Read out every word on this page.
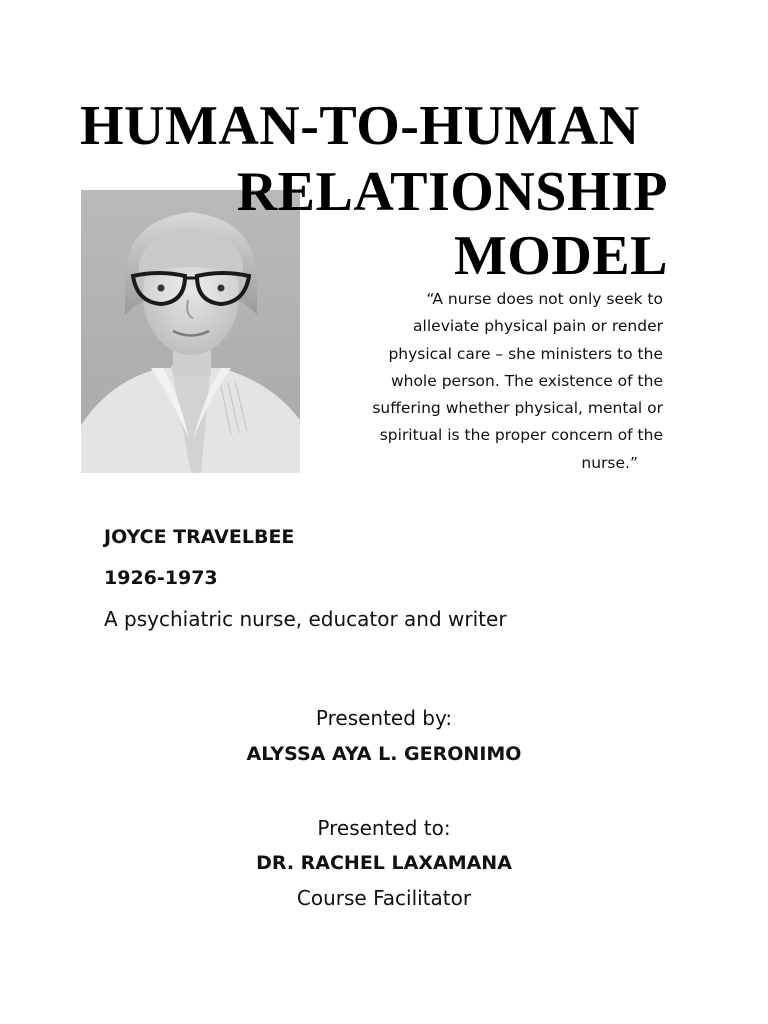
HUMAN-TO-HUMAN
RELATIONSHIP
MODEL
“A nurse does not only seek to
alleviate physical pain or render
physical care – she ministers to the
whole person. The existence of the
suffering whether physical, mental or
spiritual is the proper concern of the
nurse.”
JOYCE TRAVELBEE
1926-1973
A psychiatric nurse, educator and writer
Presented by:
ALYSSA AYA L. GERONIMO
Presented to:
DR. RACHEL LAXAMANA
Course Facilitator
